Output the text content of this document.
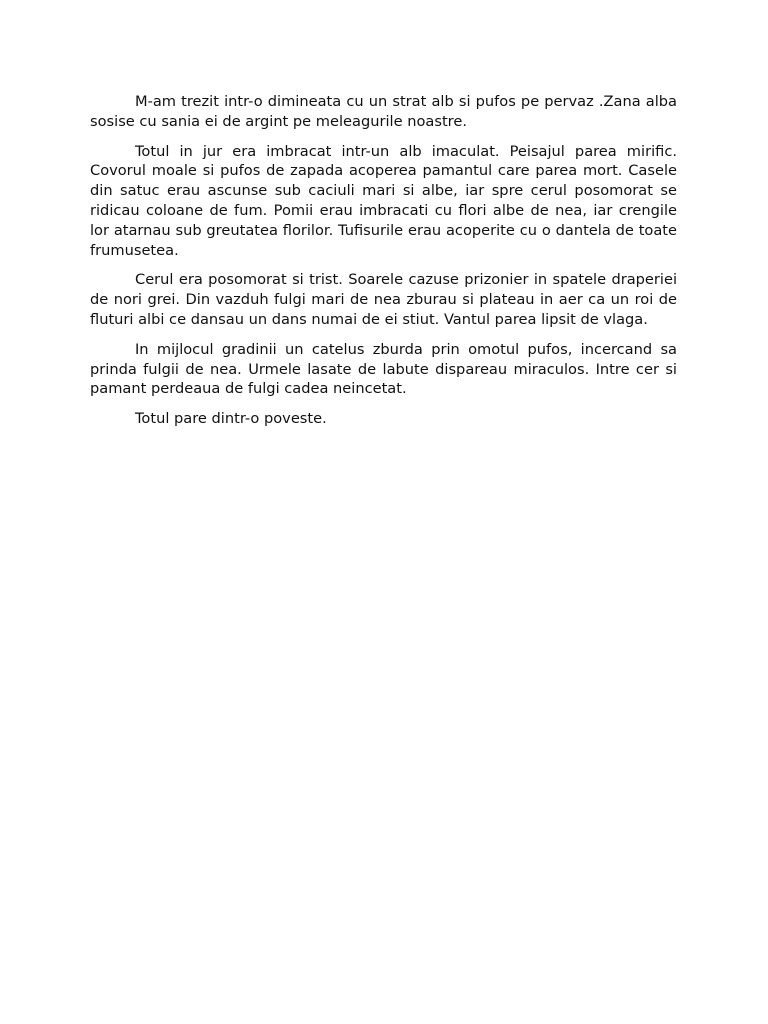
M-am trezit intr-o dimineata cu un strat alb si pufos pe pervaz .Zana alba sosise cu sania ei de argint pe meleagurile noastre.

Totul in jur era imbracat intr-un alb imaculat. Peisajul parea mirific. Covorul moale si pufos de zapada acoperea pamantul care parea mort. Casele din satuc erau ascunse sub caciuli mari si albe, iar spre cerul posomorat se ridicau coloane de fum. Pomii erau imbracati cu flori albe de nea, iar crengile lor atarnau sub greutatea florilor. Tufisurile erau acoperite cu o dantela de toate frumusetea.

Cerul era posomorat si trist. Soarele cazuse prizonier in spatele draperiei de nori grei. Din vazduh fulgi mari de nea zburau si plateau in aer ca un roi de fluturi albi ce dansau un dans numai de ei stiut. Vantul parea lipsit de vlaga.

In mijlocul gradinii un catelus zburda prin omotul pufos, incercand sa prinda fulgii de nea. Urmele lasate de labute dispareau miraculos. Intre cer si pamant perdeaua de fulgi cadea neincetat.

Totul pare dintr-o poveste.
